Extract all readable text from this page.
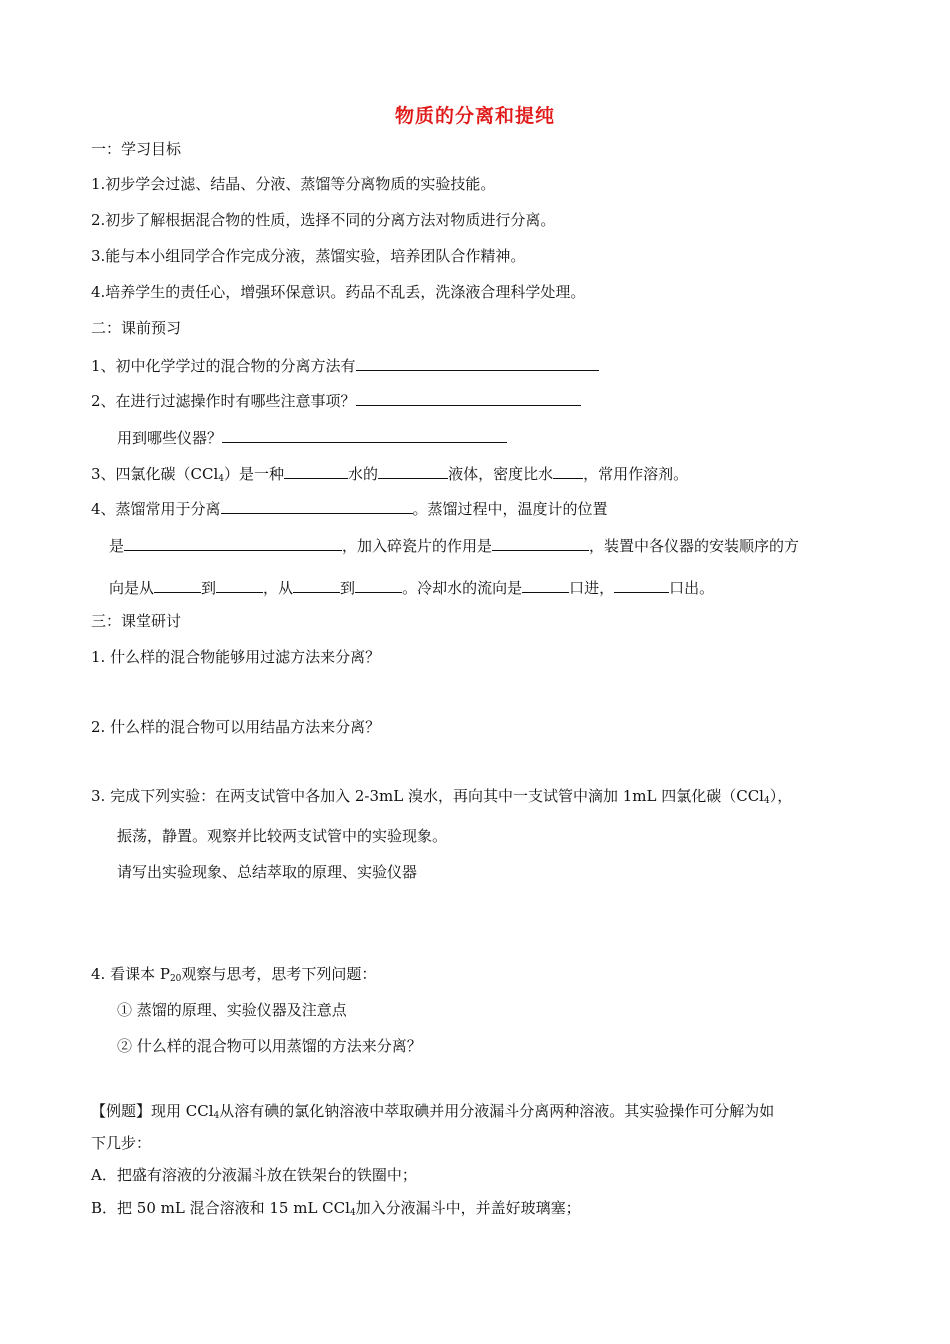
物质的分离和提纯
一：学习目标
1.初步学会过滤、结晶、分液、蒸馏等分离物质的实验技能。
2.初步了解根据混合物的性质，选择不同的分离方法对物质进行分离。
3.能与本小组同学合作完成分液，蒸馏实验，培养团队合作精神。
4.培养学生的责任心，增强环保意识。药品不乱丢，洗涤液合理科学处理。
二：课前预习
1、初中化学学过的混合物的分离方法有
2、在进行过滤操作时有哪些注意事项？
用到哪些仪器？
3、四氯化碳（CCl$_4$）是一种	水的	液体，密度比水 ，常用作溶剂。
4、蒸馏常用于分离	。蒸馏过程中，温度计的位置
是	，加入碎瓷片的作用是	，装置中各仪器的安装顺序的方
向是从	到	，从	到	。冷却水的流向是	口进，	口出。
三：课堂研讨
1. 什么样的混合物能够用过滤方法来分离？
2. 什么样的混合物可以用结晶方法来分离？
3. 完成下列实验：在两支试管中各加入 2-3mL 溴水，再向其中一支试管中滴加 1mL 四氯化碳（CCl$_4$），
振荡，静置。观察并比较两支试管中的实验现象。
请写出实验现象、总结萃取的原理、实验仪器
4. 看课本 $P_{20}$观察与思考，思考下列问题：
① 蒸馏的原理、实验仪器及注意点
② 什么样的混合物可以用蒸馏的方法来分离？
【例题】现用 CCl$_4$从溶有碘的氯化钠溶液中萃取碘并用分液漏斗分离两种溶液。其实验操作可分解为如
下几步：
A．把盛有溶液的分液漏斗放在铁架台的铁圈中；
B．把 50 mL 混合溶液和 15 mL CCl$_4$加入分液漏斗中，并盖好玻璃塞；
